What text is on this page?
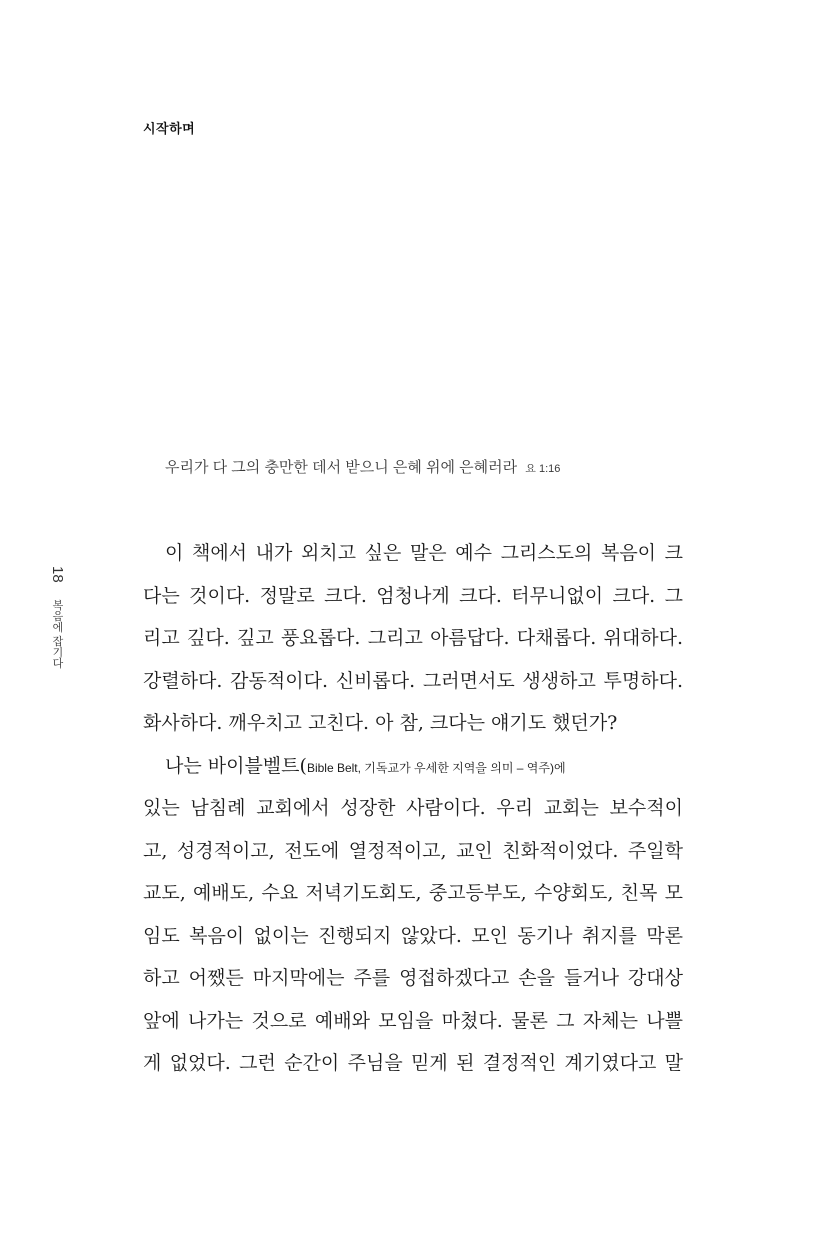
시작하며
우리가 다 그의 충만한 데서 받으니 은혜 위에 은혜러라 요 1:16
18 복음에 잡기다
이 책에서 내가 외치고 싶은 말은 예수 그리스도의 복음이 크
다는 것이다. 정말로 크다. 엄청나게 크다. 터무니없이 크다. 그
리고 깊다. 깊고 풍요롭다. 그리고 아름답다. 다채롭다. 위대하다.
강렬하다. 감동적이다. 신비롭다. 그러면서도 생생하고 투명하다.
화사하다. 깨우치고 고친다. 아 참, 크다는 얘기도 했던가?
나는 바이블벨트(Bible Belt, 기독교가 우세한 지역을 의미 – 역주)에
있는 남침례 교회에서 성장한 사람이다. 우리 교회는 보수적이
고, 성경적이고, 전도에 열정적이고, 교인 친화적이었다. 주일학
교도, 예배도, 수요 저녁기도회도, 중고등부도, 수양회도, 친목 모
임도 복음이 없이는 진행되지 않았다. 모인 동기나 취지를 막론
하고 어쨌든 마지막에는 주를 영접하겠다고 손을 들거나 강대상
앞에 나가는 것으로 예배와 모임을 마쳤다. 물론 그 자체는 나쁠
게 없었다. 그런 순간이 주님을 믿게 된 결정적인 계기였다고 말
